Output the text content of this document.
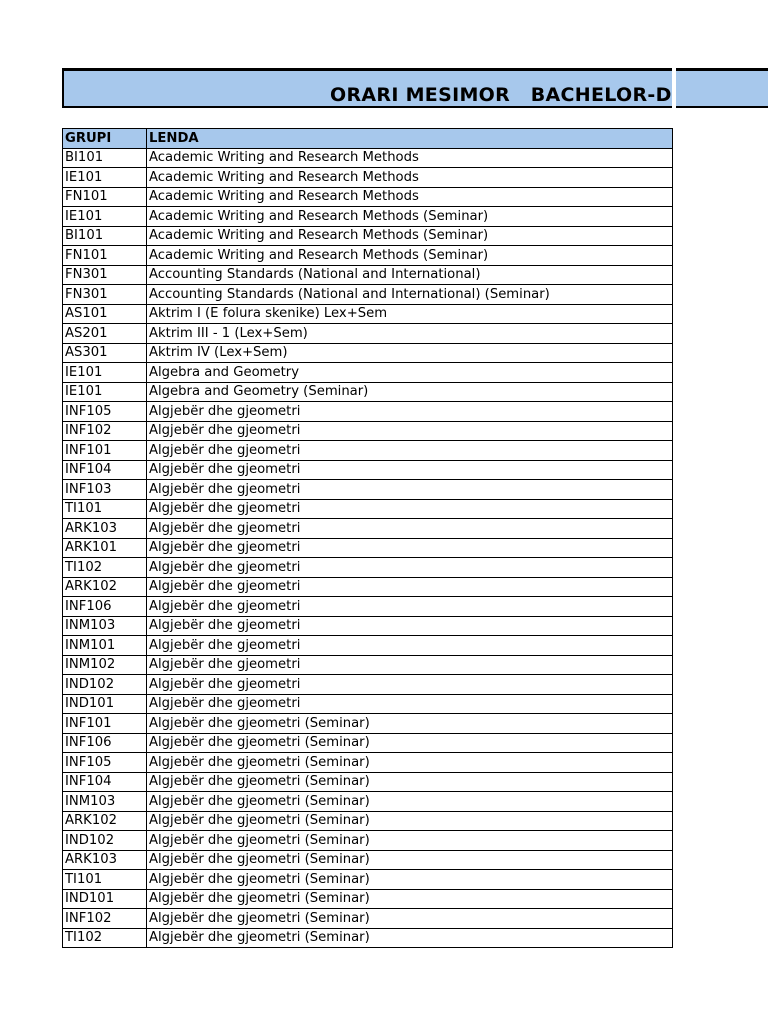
ORARI MESIMOR   BACHELOR-D
GRUPI	LENDA
BI101	Academic Writing and Research Methods
IE101	Academic Writing and Research Methods
FN101	Academic Writing and Research Methods
IE101	Academic Writing and Research Methods (Seminar)
BI101	Academic Writing and Research Methods (Seminar)
FN101	Academic Writing and Research Methods (Seminar)
FN301	Accounting Standards (National and International)
FN301	Accounting Standards (National and International) (Seminar)
AS101	Aktrim I (E folura skenike) Lex+Sem
AS201	Aktrim III - 1 (Lex+Sem)
AS301	Aktrim IV (Lex+Sem)
IE101	Algebra and Geometry
IE101	Algebra and Geometry (Seminar)
INF105	Algjebër dhe gjeometri
INF102	Algjebër dhe gjeometri
INF101	Algjebër dhe gjeometri
INF104	Algjebër dhe gjeometri
INF103	Algjebër dhe gjeometri
TI101	Algjebër dhe gjeometri
ARK103	Algjebër dhe gjeometri
ARK101	Algjebër dhe gjeometri
TI102	Algjebër dhe gjeometri
ARK102	Algjebër dhe gjeometri
INF106	Algjebër dhe gjeometri
INM103	Algjebër dhe gjeometri
INM101	Algjebër dhe gjeometri
INM102	Algjebër dhe gjeometri
IND102	Algjebër dhe gjeometri
IND101	Algjebër dhe gjeometri
INF101	Algjebër dhe gjeometri (Seminar)
INF106	Algjebër dhe gjeometri (Seminar)
INF105	Algjebër dhe gjeometri (Seminar)
INF104	Algjebër dhe gjeometri (Seminar)
INM103	Algjebër dhe gjeometri (Seminar)
ARK102	Algjebër dhe gjeometri (Seminar)
IND102	Algjebër dhe gjeometri (Seminar)
ARK103	Algjebër dhe gjeometri (Seminar)
TI101	Algjebër dhe gjeometri (Seminar)
IND101	Algjebër dhe gjeometri (Seminar)
INF102	Algjebër dhe gjeometri (Seminar)
TI102	Algjebër dhe gjeometri (Seminar)
